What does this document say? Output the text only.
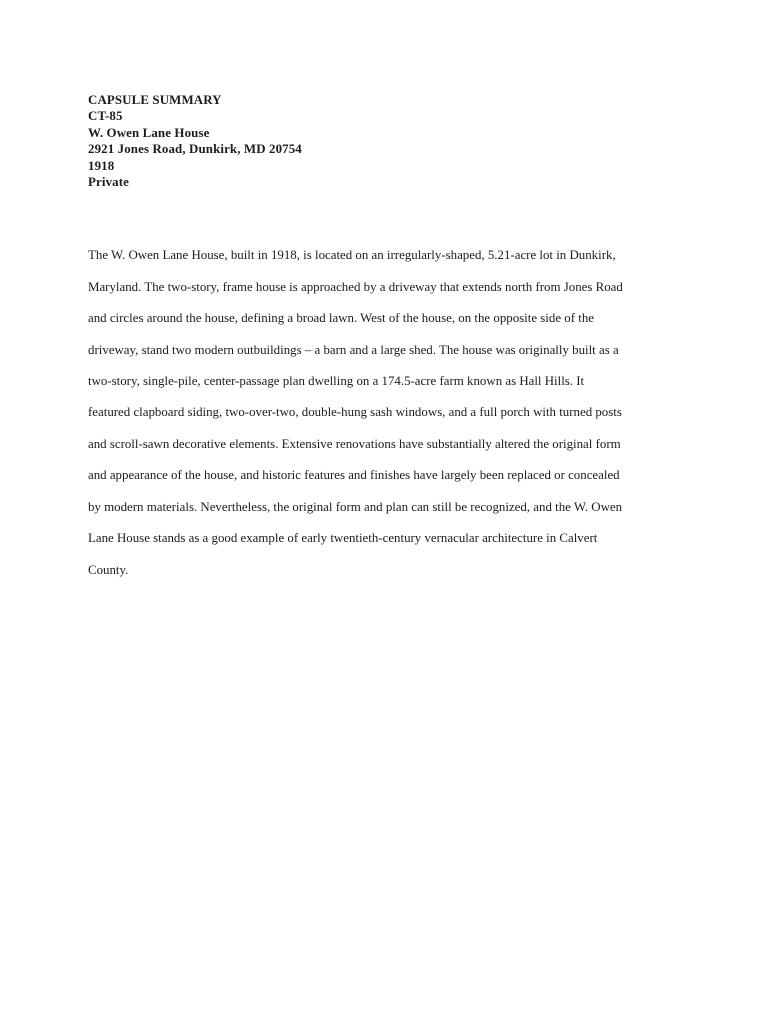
CAPSULE SUMMARY
CT-85
W. Owen Lane House
2921 Jones Road, Dunkirk, MD 20754
1918
Private
The W. Owen Lane House, built in 1918, is located on an irregularly-shaped, 5.21-acre lot in Dunkirk,
Maryland. The two-story, frame house is approached by a driveway that extends north from Jones Road
and circles around the house, defining a broad lawn. West of the house, on the opposite side of the
driveway, stand two modern outbuildings – a barn and a large shed. The house was originally built as a
two-story, single-pile, center-passage plan dwelling on a 174.5-acre farm known as Hall Hills. It
featured clapboard siding, two-over-two, double-hung sash windows, and a full porch with turned posts
and scroll-sawn decorative elements. Extensive renovations have substantially altered the original form
and appearance of the house, and historic features and finishes have largely been replaced or concealed
by modern materials. Nevertheless, the original form and plan can still be recognized, and the W. Owen
Lane House stands as a good example of early twentieth-century vernacular architecture in Calvert
County.
